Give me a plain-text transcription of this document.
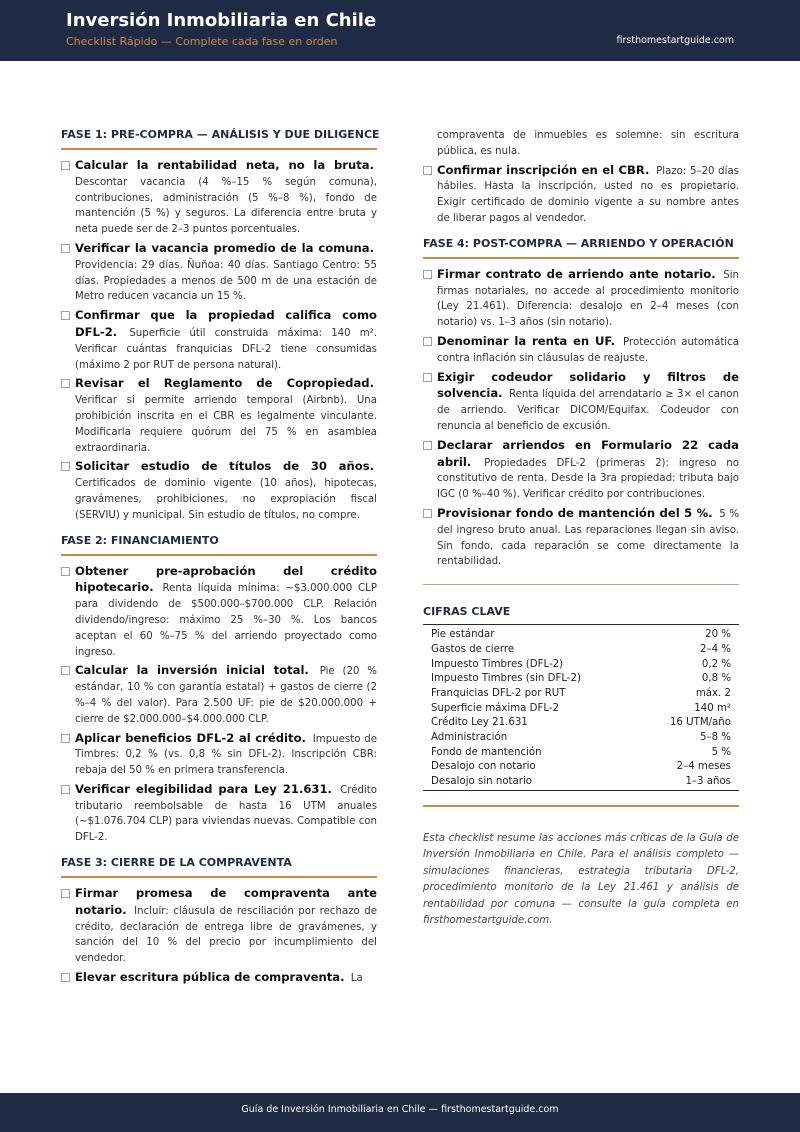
Inversión Inmobiliaria en Chile
Checklist Rápido — Complete cada fase en orden	firsthomestartguide.com
FASE 1: PRE-COMPRA — ANÁLISIS Y DUE DILIGENCE
Calcular la rentabilidad neta, no la bruta. Descontar vacancia (4 %–15 % según comuna), contribuciones, administración (5 %–8 %), fondo de mantención (5 %) y seguros. La diferencia entre bruta y neta puede ser de 2–3 puntos porcentuales.
Verificar la vacancia promedio de la comuna. Providencia: 29 días. Ñuñoa: 40 días. Santiago Centro: 55 días. Propiedades a menos de 500 m de una estación de Metro reducen vacancia un 15 %.
Confirmar que la propiedad califica como DFL-2. Superficie útil construida máxima: 140 m². Verificar cuántas franquicias DFL-2 tiene consumidas (máximo 2 por RUT de persona natural).
Revisar el Reglamento de Copropiedad. Verificar si permite arriendo temporal (Airbnb). Una prohibición inscrita en el CBR es legalmente vinculante. Modificarla requiere quórum del 75 % en asamblea extraordinaria.
Solicitar estudio de títulos de 30 años. Certificados de dominio vigente (10 años), hipotecas, gravámenes, prohibiciones, no expropiación fiscal (SERVIU) y municipal. Sin estudio de títulos, no compre.
FASE 2: FINANCIAMIENTO
Obtener pre-aprobación del crédito hipotecario. Renta líquida mínima: ~$3.000.000 CLP para dividendo de $500.000–$700.000 CLP. Relación dividendo/ingreso: máximo 25 %–30 %. Los bancos aceptan el 60 %–75 % del arriendo proyectado como ingreso.
Calcular la inversión inicial total. Pie (20 % estándar, 10 % con garantía estatal) + gastos de cierre (2 %–4 % del valor). Para 2.500 UF: pie de $20.000.000 + cierre de $2.000.000–$4.000.000 CLP.
Aplicar beneficios DFL-2 al crédito. Impuesto de Timbres: 0,2 % (vs. 0,8 % sin DFL-2). Inscripción CBR: rebaja del 50 % en primera transferencia.
Verificar elegibilidad para Ley 21.631. Crédito tributario reembolsable de hasta 16 UTM anuales (~$1.076.704 CLP) para viviendas nuevas. Compatible con DFL-2.
FASE 3: CIERRE DE LA COMPRAVENTA
Firmar promesa de compraventa ante notario. Incluir: cláusula de resciliación por rechazo de crédito, declaración de entrega libre de gravámenes, y sanción del 10 % del precio por incumplimiento del vendedor.
Elevar escritura pública de compraventa. La
compraventa de inmuebles es solemne: sin escritura pública, es nula.
Confirmar inscripción en el CBR. Plazo: 5–20 días hábiles. Hasta la inscripción, usted no es propietario. Exigir certificado de dominio vigente a su nombre antes de liberar pagos al vendedor.
FASE 4: POST-COMPRA — ARRIENDO Y OPERACIÓN
Firmar contrato de arriendo ante notario. Sin firmas notariales, no accede al procedimiento monitorio (Ley 21.461). Diferencia: desalojo en 2–4 meses (con notario) vs. 1–3 años (sin notario).
Denominar la renta en UF. Protección automática contra inflación sin cláusulas de reajuste.
Exigir codeudor solidario y filtros de solvencia. Renta líquida del arrendatario ≥ 3× el canon de arriendo. Verificar DICOM/Equifax. Codeudor con renuncia al beneficio de excusión.
Declarar arriendos en Formulario 22 cada abril. Propiedades DFL-2 (primeras 2): ingreso no constitutivo de renta. Desde la 3ra propiedad: tributa bajo IGC (0 %–40 %). Verificar crédito por contribuciones.
Provisionar fondo de mantención del 5 %. 5 % del ingreso bruto anual. Las reparaciones llegan sin aviso. Sin fondo, cada reparación se come directamente la rentabilidad.
CIFRAS CLAVE
Pie estándar	20 %
Gastos de cierre	2–4 %
Impuesto Timbres (DFL-2)	0,2 %
Impuesto Timbres (sin DFL-2)	0,8 %
Franquicias DFL-2 por RUT	máx. 2
Superficie máxima DFL-2	140 m²
Crédito Ley 21.631	16 UTM/año
Administración	5–8 %
Fondo de mantención	5 %
Desalojo con notario	2–4 meses
Desalojo sin notario	1–3 años
Esta checklist resume las acciones más críticas de la Guía de Inversión Inmobiliaria en Chile. Para el análisis completo — simulaciones financieras, estrategia tributaria DFL-2, procedimiento monitorio de la Ley 21.461 y análisis de rentabilidad por comuna — consulte la guía completa en firsthomestartguide.com.
Guía de Inversión Inmobiliaria en Chile — firsthomestartguide.com
